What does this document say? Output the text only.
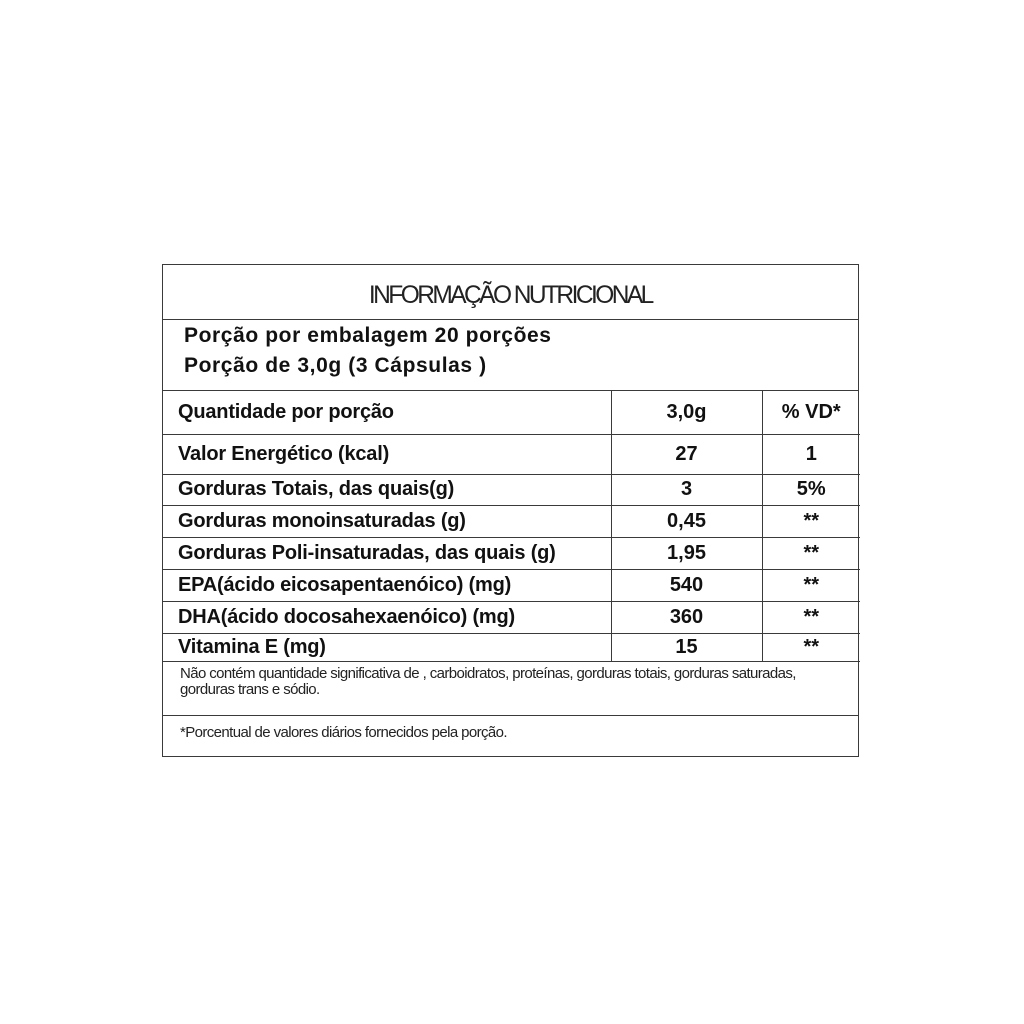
INFORMAÇÃO NUTRICIONAL
Porção por embalagem 20 porções
Porção de 3,0g (3 Cápsulas )
Quantidade por porção	3,0g	% VD*
Valor Energético (kcal)	27	1
Gorduras Totais, das quais(g)	3	5%
Gorduras monoinsaturadas (g)	0,45	**
Gorduras Poli-insaturadas, das quais (g)	1,95	**
EPA(ácido eicosapentaenóico) (mg)	540	**
DHA(ácido docosahexaenóico) (mg)	360	**
Vitamina E (mg)	15	**
Não contém quantidade significativa de , carboidratos, proteínas, gorduras totais, gorduras saturadas, gorduras trans e sódio.
*Porcentual de valores diários fornecidos pela porção.
